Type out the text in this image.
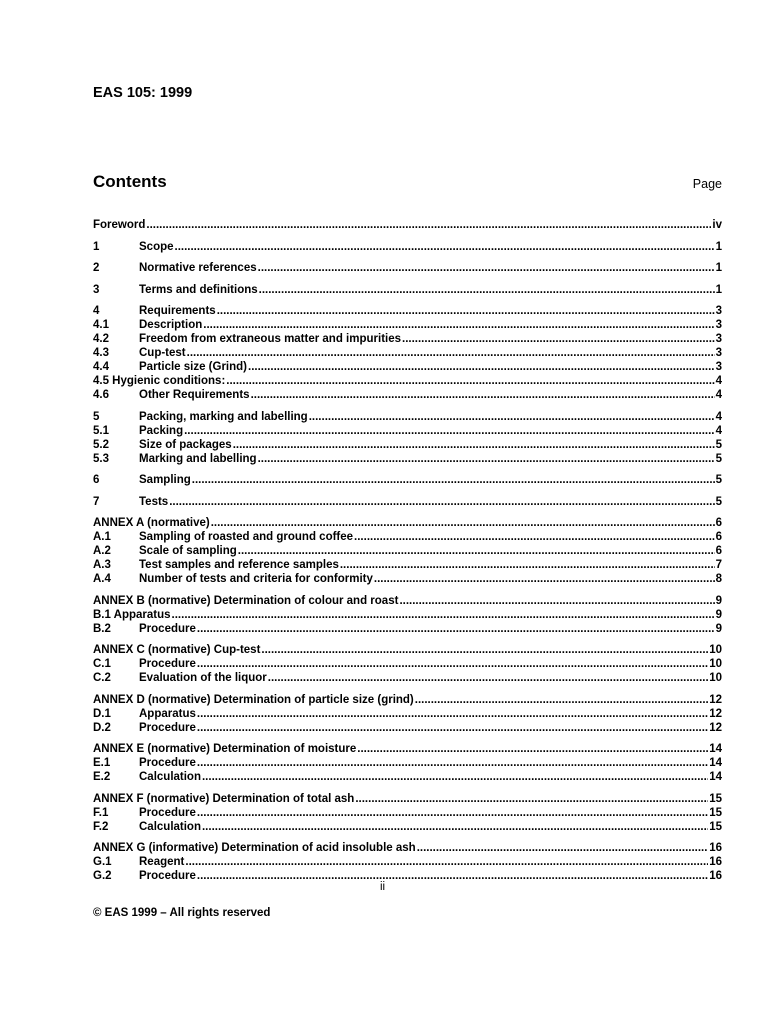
EAS 105: 1999
Contents	Page
Foreword .....	iv
1	Scope .....	1
2	Normative references .....	1
3	Terms and definitions .....	1
4	Requirements .....	3
4.1	Description .....	3
4.2	Freedom from extraneous matter and impurities .....	3
4.3	Cup-test .....	3
4.4	Particle size (Grind) .....	3
4.5 Hygienic conditions: .....	4
4.6	Other Requirements .....	4
5	Packing, marking and labelling .....	4
5.1	Packing .....	4
5.2	Size of packages .....	5
5.3	Marking and labelling .....	5
6	Sampling .....	5
7	Tests .....	5
ANNEX A (normative) .....	6
A.1	Sampling of roasted and ground coffee .....	6
A.2	Scale of sampling .....	6
A.3	Test samples and reference samples .....	7
A.4	Number of tests and criteria for conformity .....	8
ANNEX B (normative) Determination of colour and roast .....	9
B.1 Apparatus .....	9
B.2	Procedure .....	9
ANNEX C (normative) Cup-test .....	10
C.1	Procedure .....	10
C.2	Evaluation of the liquor .....	10
ANNEX D (normative) Determination of particle size (grind) .....	12
D.1	Apparatus .....	12
D.2	Procedure .....	12
ANNEX E (normative) Determination of moisture .....	14
E.1	Procedure .....	14
E.2	Calculation .....	14
ANNEX F (normative) Determination of total ash .....	15
F.1	Procedure .....	15
F.2	Calculation .....	15
ANNEX G (informative) Determination of acid insoluble ash .....	16
G.1	Reagent .....	16
G.2	Procedure .....	16
ii
© EAS 1999 – All rights reserved
